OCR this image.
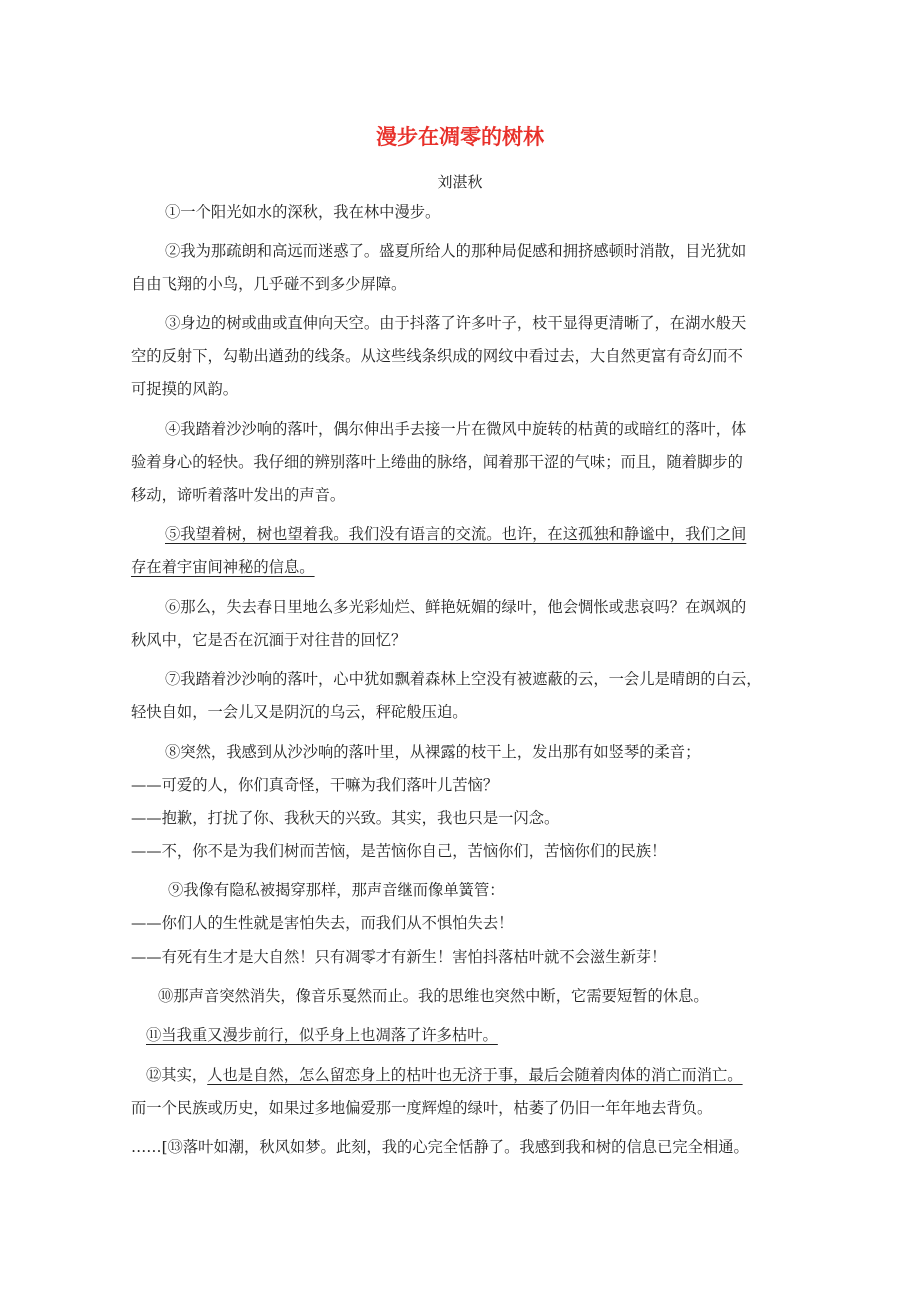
漫步在凋零的树林
刘湛秋
①一个阳光如水的深秋，我在林中漫步。
②我为那疏朗和高远而迷惑了。盛夏所给人的那种局促感和拥挤感顿时消散，目光犹如
自由飞翔的小鸟，几乎碰不到多少屏障。
③身边的树或曲或直伸向天空。由于抖落了许多叶子，枝干显得更清晰了，在湖水般天
空的反射下，勾勒出遒劲的线条。从这些线条织成的网纹中看过去，大自然更富有奇幻而不
可捉摸的风韵。
④我踏着沙沙响的落叶，偶尔伸出手去接一片在微风中旋转的枯黄的或暗红的落叶，体
验着身心的轻快。我仔细的辨别落叶上绻曲的脉络，闻着那干涩的气味；而且，随着脚步的
移动，谛听着落叶发出的声音。
⑤我望着树，树也望着我。我们没有语言的交流。也许，在这孤独和静谧中，我们之间
存在着宇宙间神秘的信息。
⑥那么，失去春日里地么多光彩灿烂、鲜艳妩媚的绿叶，他会惆怅或悲哀吗？在飒飒的
秋风中，它是否在沉湎于对往昔的回忆？
⑦我踏着沙沙响的落叶，心中犹如飘着森林上空没有被遮蔽的云，一会儿是晴朗的白云，
轻快自如，一会儿又是阴沉的乌云，秤砣般压迫。
⑧突然，我感到从沙沙响的落叶里，从裸露的枝干上，发出那有如竖琴的柔音；
——可爱的人，你们真奇怪，干嘛为我们落叶儿苦恼？
——抱歉，打扰了你、我秋天的兴致。其实，我也只是一闪念。
——不，你不是为我们树而苦恼，是苦恼你自己，苦恼你们，苦恼你们的民族！
⑨我像有隐私被揭穿那样，那声音继而像单簧管：
——你们人的生性就是害怕失去，而我们从不惧怕失去！
——有死有生才是大自然！只有凋零才有新生！害怕抖落枯叶就不会滋生新芽！
⑩那声音突然消失，像音乐戛然而止。我的思维也突然中断，它需要短暂的休息。
⑪当我重又漫步前行，似乎身上也凋落了许多枯叶。
⑫其实，人也是自然，怎么留恋身上的枯叶也无济于事，最后会随着肉体的消亡而消亡。
而一个民族或历史，如果过多地偏爱那一度辉煌的绿叶，枯萎了仍旧一年年地去背负。
……[⑬落叶如潮，秋风如梦。此刻，我的心完全恬静了。我感到我和树的信息已完全相通。
